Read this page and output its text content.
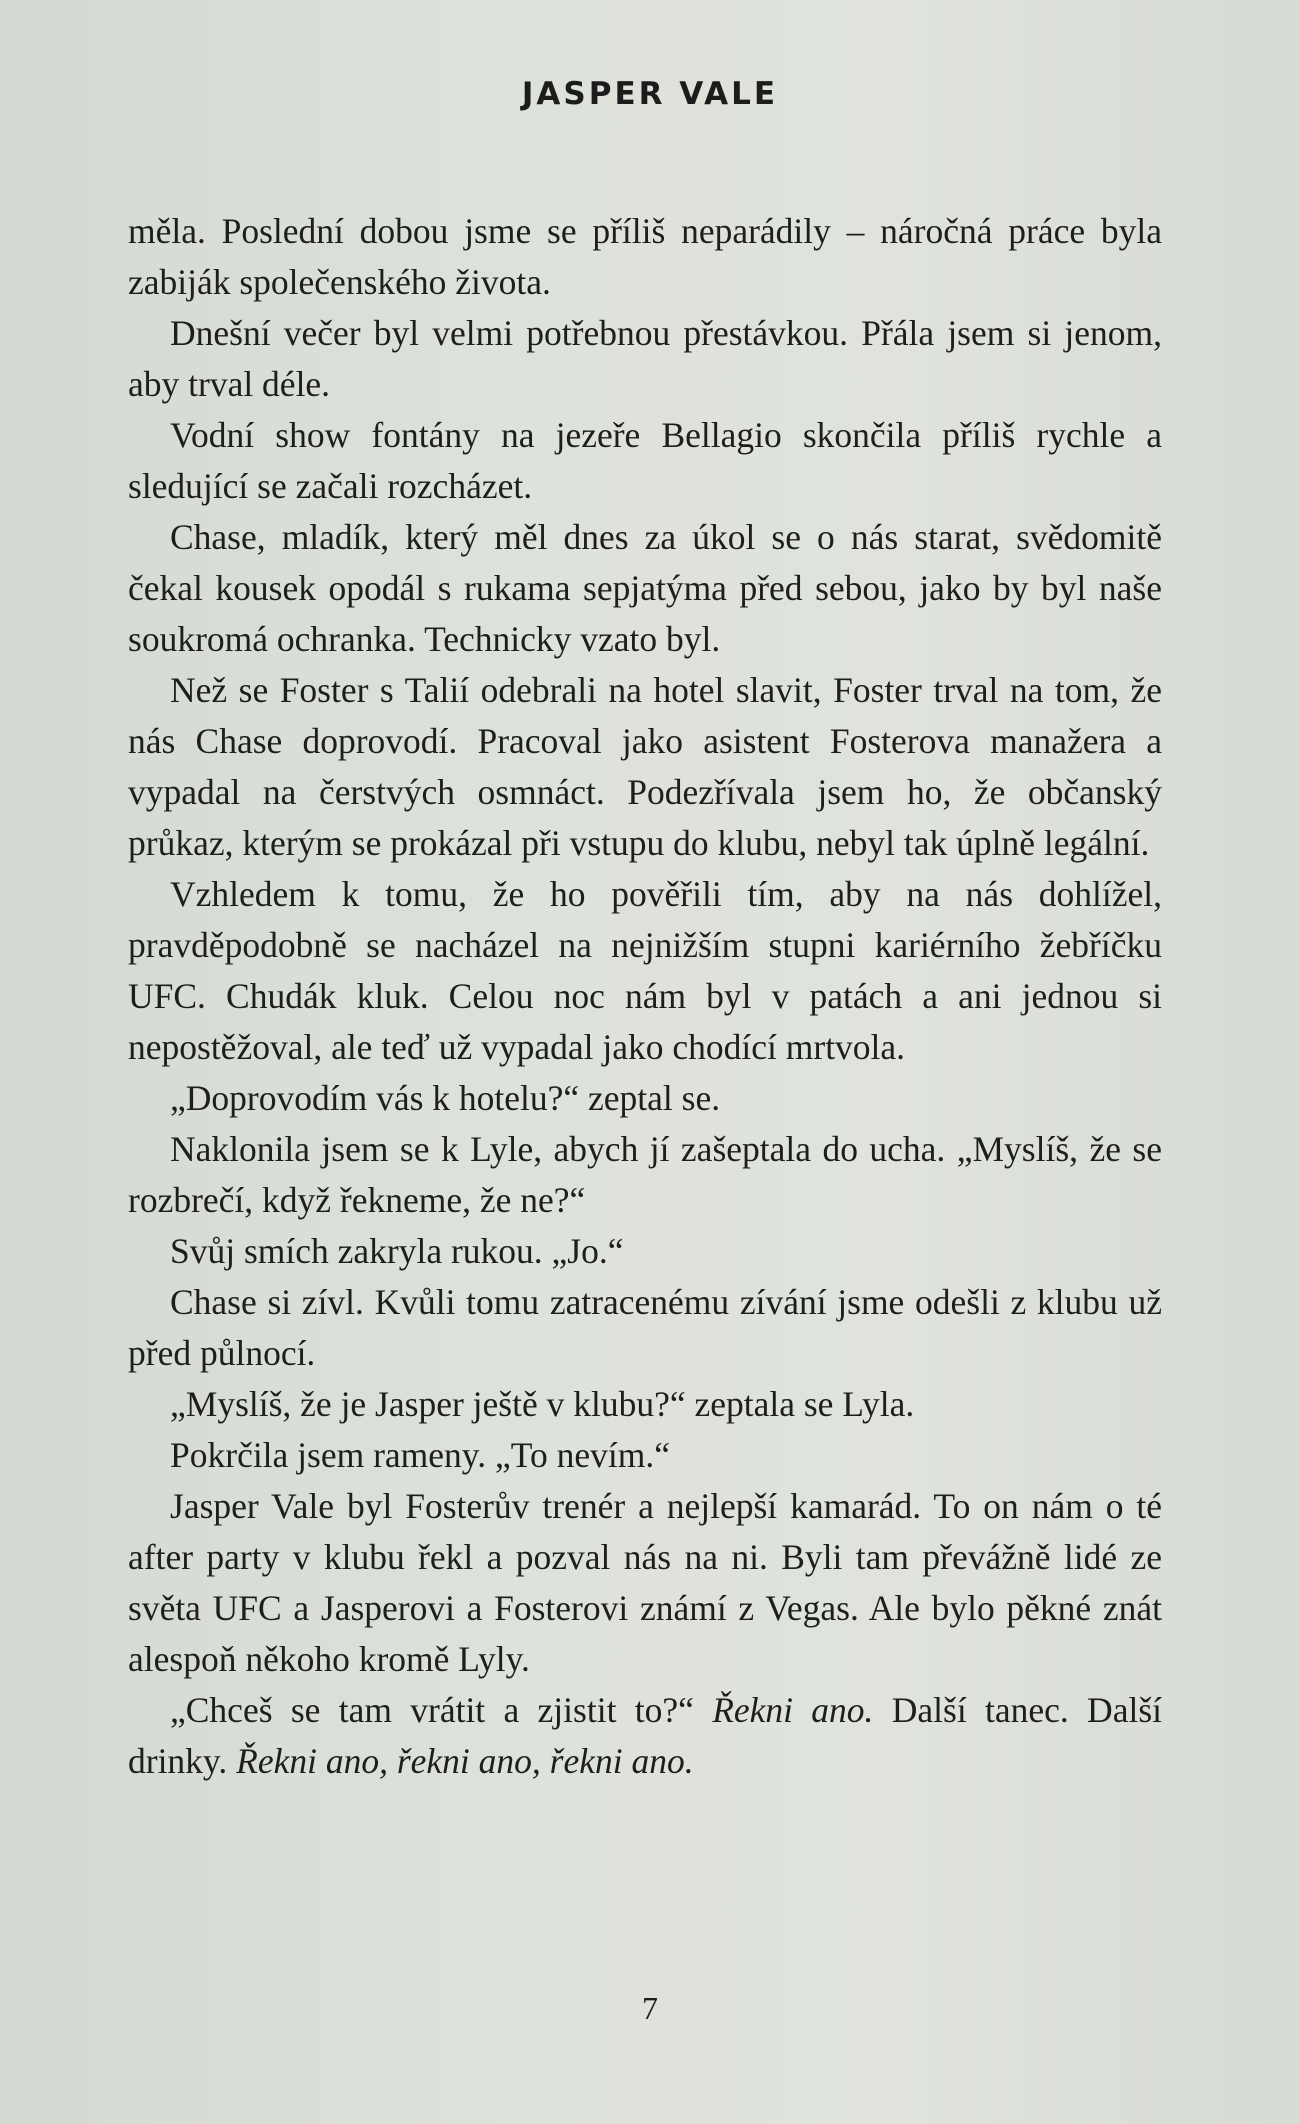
JASPER VALE

měla. Poslední dobou jsme se příliš neparádily – náročná práce byla zabiják společenského života.

Dnešní večer byl velmi potřebnou přestávkou. Přála jsem si jenom, aby trval déle.

Vodní show fontány na jezeře Bellagio skončila příliš rychle a sledující se začali rozcházet.

Chase, mladík, který měl dnes za úkol se o nás starat, svědomitě čekal kousek opodál s rukama sepjatýma před sebou, jako by byl naše soukromá ochranka. Technicky vzato byl.

Než se Foster s Talií odebrali na hotel slavit, Foster trval na tom, že nás Chase doprovodí. Pracoval jako asistent Fosterova manažera a vypadal na čerstvých osmnáct. Podezřívala jsem ho, že občanský průkaz, kterým se prokázal při vstupu do klubu, nebyl tak úplně legální.

Vzhledem k tomu, že ho pověřili tím, aby na nás dohlížel, pravděpodobně se nacházel na nejnižším stupni kariérního žebříčku UFC. Chudák kluk. Celou noc nám byl v patách a ani jednou si nepostěžoval, ale teď už vypadal jako chodící mrtvola.

„Doprovodím vás k hotelu?“ zeptal se.

Naklonila jsem se k Lyle, abych jí zašeptala do ucha. „Myslíš, že se rozbrečí, když řekneme, že ne?“

Svůj smích zakryla rukou. „Jo.“

Chase si zívl. Kvůli tomu zatracenému zívání jsme odešli z klubu už před půlnocí.

„Myslíš, že je Jasper ještě v klubu?“ zeptala se Lyla.

Pokrčila jsem rameny. „To nevím.“

Jasper Vale byl Fosterův trenér a nejlepší kamarád. To on nám o té after party v klubu řekl a pozval nás na ni. Byli tam převážně lidé ze světa UFC a Jasperovi a Fosterovi známí z Vegas. Ale bylo pěkné znát alespoň někoho kromě Lyly.

„Chceš se tam vrátit a zjistit to?“ Řekni ano. Další tanec. Další drinky. Řekni ano, řekni ano, řekni ano.

7
